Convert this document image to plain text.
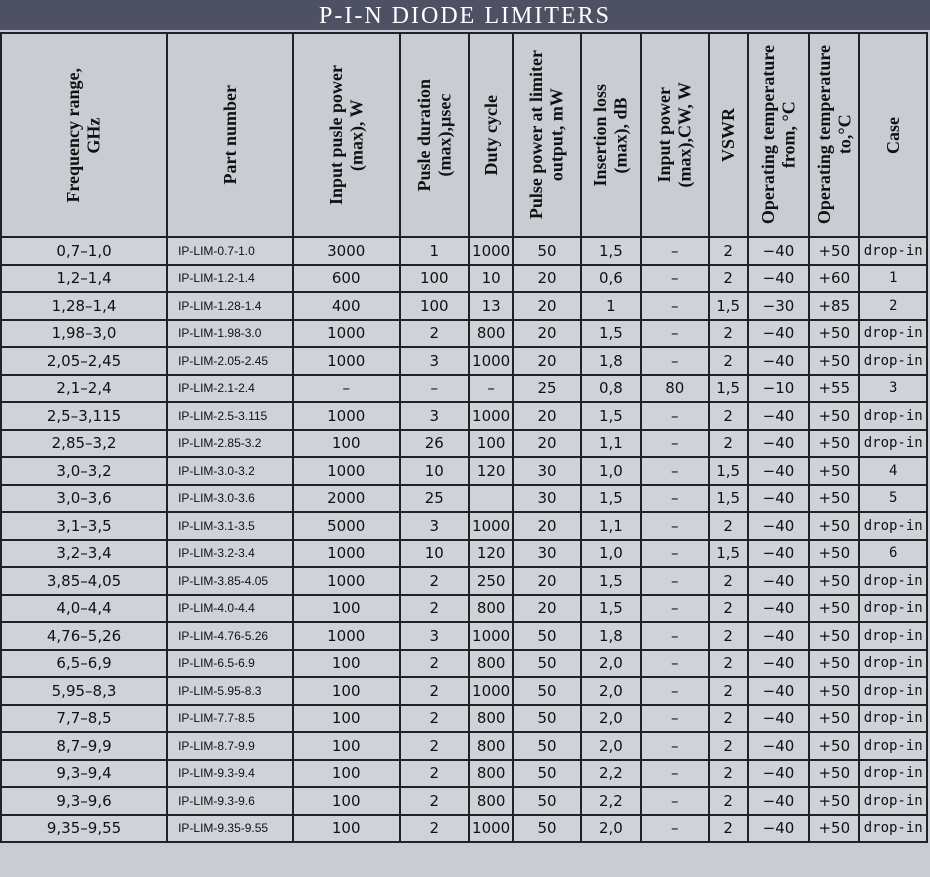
P-I-N DIODE LIMITERS
Frequency range,
GHz	Part number	Input pusle power
(max), W	Pusle duration
(max),µsec	Duty cycle	Pulse power at limiter
output, mW	Insertion loss
(max), dB	Input power
(max),CW, W	VSWR	Operating temperature
from, °C	Operating temperature
to,°C	Case

0,7–1,0	IP-LIM-0.7-1.0	3000	1	1000	50	1,5	–	2	−40	+50	drop-in
1,2–1,4	IP-LIM-1.2-1.4	600	100	10	20	0,6	–	2	−40	+60	1
1,28–1,4	IP-LIM-1.28-1.4	400	100	13	20	1	–	1,5	−30	+85	2
1,98–3,0	IP-LIM-1.98-3.0	1000	2	800	20	1,5	–	2	−40	+50	drop-in
2,05–2,45	IP-LIM-2.05-2.45	1000	3	1000	20	1,8	–	2	−40	+50	drop-in
2,1–2,4	IP-LIM-2.1-2.4	–	–	–	25	0,8	80	1,5	−10	+55	3
2,5–3,115	IP-LIM-2.5-3.115	1000	3	1000	20	1,5	–	2	−40	+50	drop-in
2,85–3,2	IP-LIM-2.85-3.2	100	26	100	20	1,1	–	2	−40	+50	drop-in
3,0–3,2	IP-LIM-3.0-3.2	1000	10	120	30	1,0	–	1,5	−40	+50	4
3,0–3,6	IP-LIM-3.0-3.6	2000	25		30	1,5	–	1,5	−40	+50	5
3,1–3,5	IP-LIM-3.1-3.5	5000	3	1000	20	1,1	–	2	−40	+50	drop-in
3,2–3,4	IP-LIM-3.2-3.4	1000	10	120	30	1,0	–	1,5	−40	+50	6
3,85–4,05	IP-LIM-3.85-4.05	1000	2	250	20	1,5	–	2	−40	+50	drop-in
4,0–4,4	IP-LIM-4.0-4.4	100	2	800	20	1,5	–	2	−40	+50	drop-in
4,76–5,26	IP-LIM-4.76-5.26	1000	3	1000	50	1,8	–	2	−40	+50	drop-in
6,5–6,9	IP-LIM-6.5-6.9	100	2	800	50	2,0	–	2	−40	+50	drop-in
5,95–8,3	IP-LIM-5.95-8.3	100	2	1000	50	2,0	–	2	−40	+50	drop-in
7,7–8,5	IP-LIM-7.7-8.5	100	2	800	50	2,0	–	2	−40	+50	drop-in
8,7–9,9	IP-LIM-8.7-9.9	100	2	800	50	2,0	–	2	−40	+50	drop-in
9,3–9,4	IP-LIM-9.3-9.4	100	2	800	50	2,2	–	2	−40	+50	drop-in
9,3–9,6	IP-LIM-9.3-9.6	100	2	800	50	2,2	–	2	−40	+50	drop-in
9,35–9,55	IP-LIM-9.35-9.55	100	2	1000	50	2,0	–	2	−40	+50	drop-in
